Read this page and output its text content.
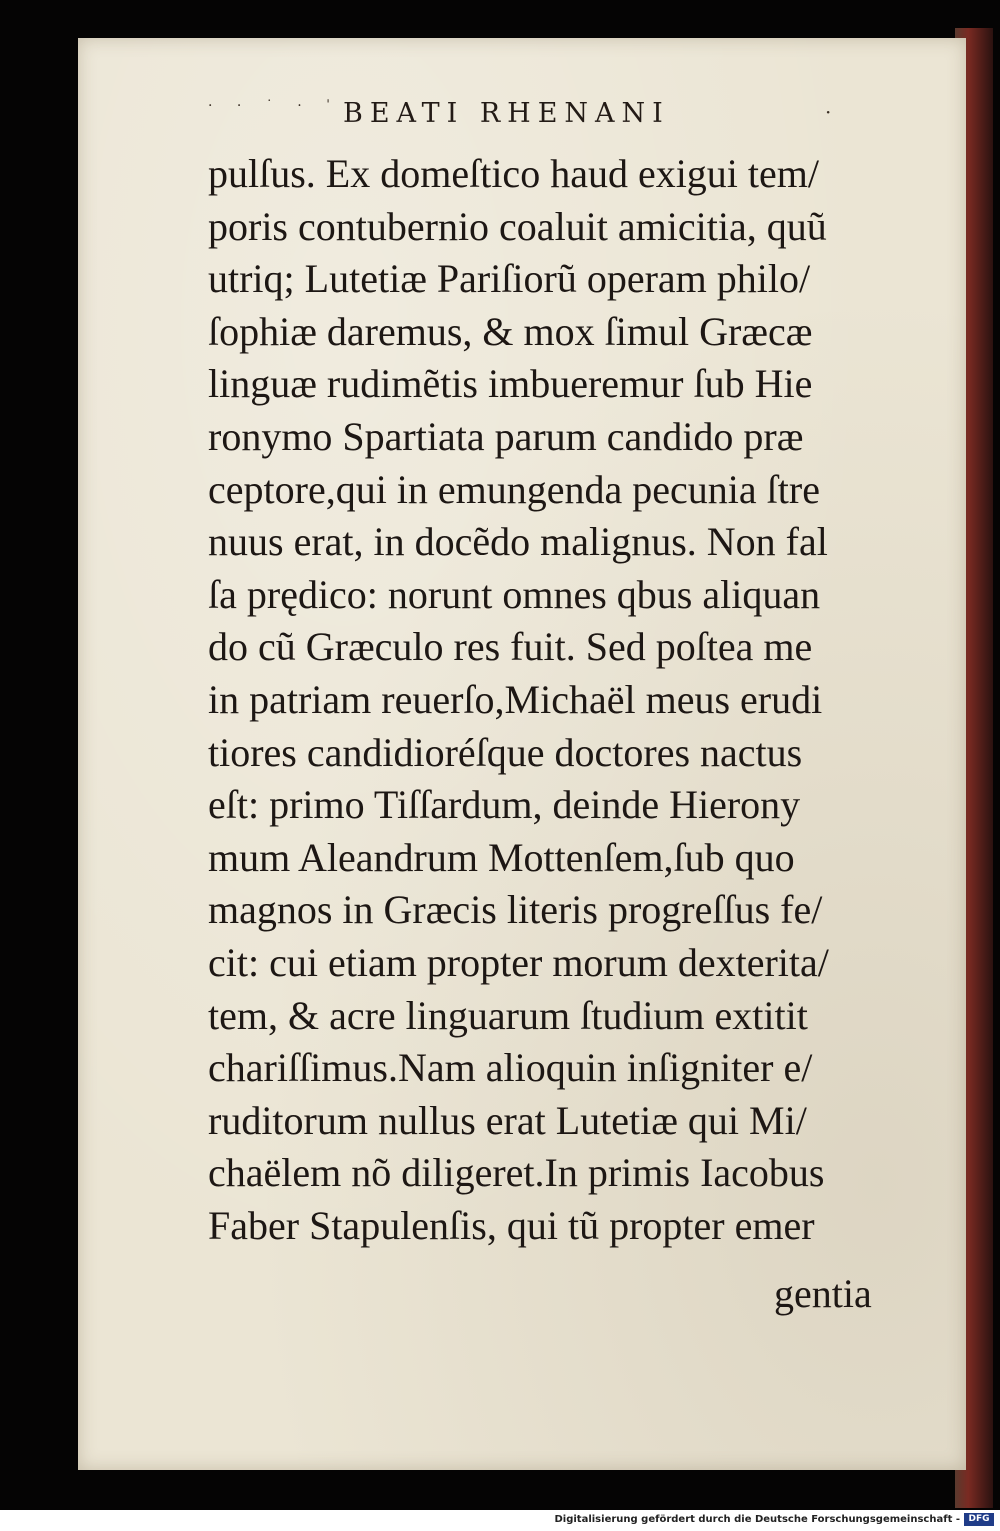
· · ˙ · ˈ BEATI RHENANI	·
pulſus. Ex domeſtico haud exigui tem/
poris contubernio coaluit amicitia, quũ
utriq; Lutetiæ Pariſiorũ operam philo/
ſophiæ daremus, & mox ſimul Græcæ
linguæ rudimẽtis imbueremur ſub Hie
ronymo Spartiata parum candido præ
ceptore,qui in emungenda pecunia ſtre
nuus erat, in docẽdo malignus. Non fal
ſa prędico: norunt omnes qbus aliquan
do cũ Græculo res fuit. Sed poſtea me
in patriam reuerſo,Michaël meus erudi
tiores candidioréſque doctores nactus
eſt: primo Tiſſardum, deinde Hierony
mum Aleandrum Mottenſem,ſub quo
magnos in Græcis literis progreſſus fe/
cit: cui etiam propter morum dexterita/
tem, & acre linguarum ſtudium extitit
chariſſimus.Nam alioquin inſigniter e/
ruditorum nullus erat Lutetiæ qui Mi/
chaëlem nõ diligeret.In primis Iacobus
Faber Stapulenſis, qui tũ propter emer
gentia
Digitalisierung gefördert durch die Deutsche Forschungsgemeinschaft - DFG
